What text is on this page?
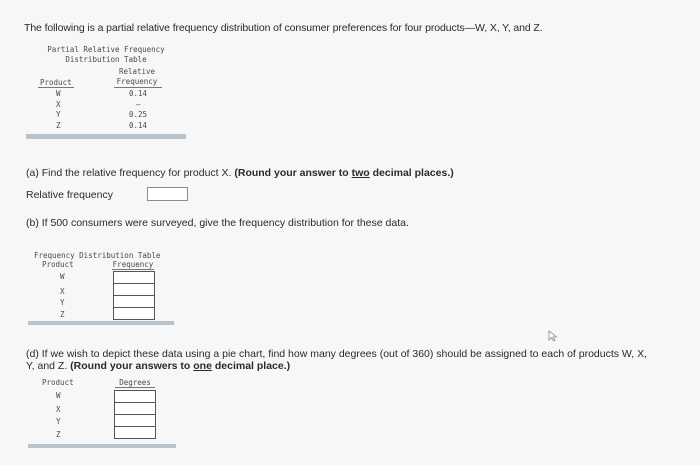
The following is a partial relative frequency distribution of consumer preferences for four products—W, X, Y, and Z.
Partial Relative Frequency
Distribution Table
Relative
Frequency
Product
W	0.14
X	–
Y	0.25
Z	0.14
(a) Find the relative frequency for product X. (Round your answer to two decimal places.)
Relative frequency
(b) If 500 consumers were surveyed, give the frequency distribution for these data.
Frequency Distribution Table
Product	Frequency
W
X
Y
Z
(d) If we wish to depict these data using a pie chart, find how many degrees (out of 360) should be assigned to each of products W, X,
Y, and Z. (Round your answers to one decimal place.)
Product	Degrees
W
X
Y
Z
